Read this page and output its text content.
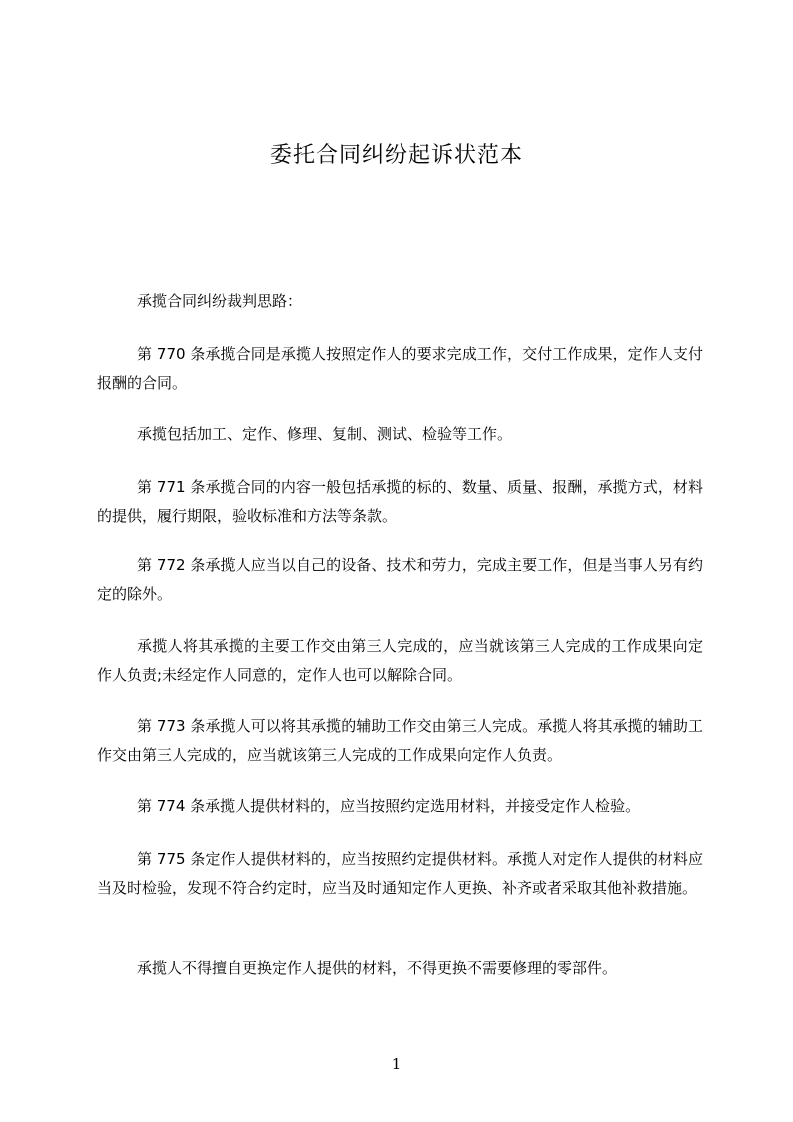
委托合同纠纷起诉状范本

承揽合同纠纷裁判思路：

第 770 条承揽合同是承揽人按照定作人的要求完成工作，交付工作成果，定作人支付报酬的合同。

承揽包括加工、定作、修理、复制、测试、检验等工作。

第 771 条承揽合同的内容一般包括承揽的标的、数量、质量、报酬，承揽方式，材料的提供，履行期限，验收标准和方法等条款。

第 772 条承揽人应当以自己的设备、技术和劳力，完成主要工作，但是当事人另有约定的除外。

承揽人将其承揽的主要工作交由第三人完成的，应当就该第三人完成的工作成果向定作人负责;未经定作人同意的，定作人也可以解除合同。

第 773 条承揽人可以将其承揽的辅助工作交由第三人完成。承揽人将其承揽的辅助工作交由第三人完成的，应当就该第三人完成的工作成果向定作人负责。

第 774 条承揽人提供材料的，应当按照约定选用材料，并接受定作人检验。

第 775 条定作人提供材料的，应当按照约定提供材料。承揽人对定作人提供的材料应当及时检验，发现不符合约定时，应当及时通知定作人更换、补齐或者采取其他补救措施。

承揽人不得擅自更换定作人提供的材料，不得更换不需要修理的零部件。

1
